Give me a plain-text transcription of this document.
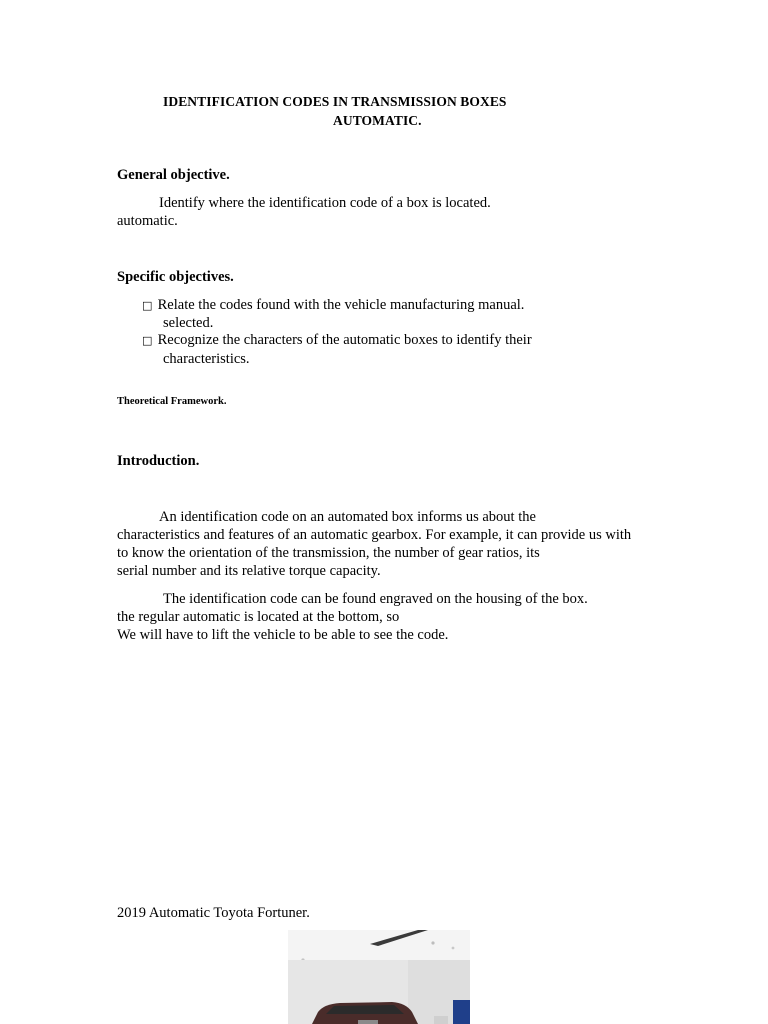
IDENTIFICATION CODES IN TRANSMISSION BOXES
AUTOMATIC.
General objective.
Identify where the identification code of a box is located.
automatic.
Specific objectives.
□ Relate the codes found with the vehicle manufacturing manual.
selected.
□ Recognize the characters of the automatic boxes to identify their
characteristics.
Theoretical Framework.
Introduction.
An identification code on an automated box informs us about the
characteristics and features of an automatic gearbox. For example, it can provide us with
to know the orientation of the transmission, the number of gear ratios, its
serial number and its relative torque capacity.
The identification code can be found engraved on the housing of the box.
the regular automatic is located at the bottom, so
We will have to lift the vehicle to be able to see the code.
2019 Automatic Toyota Fortuner.
